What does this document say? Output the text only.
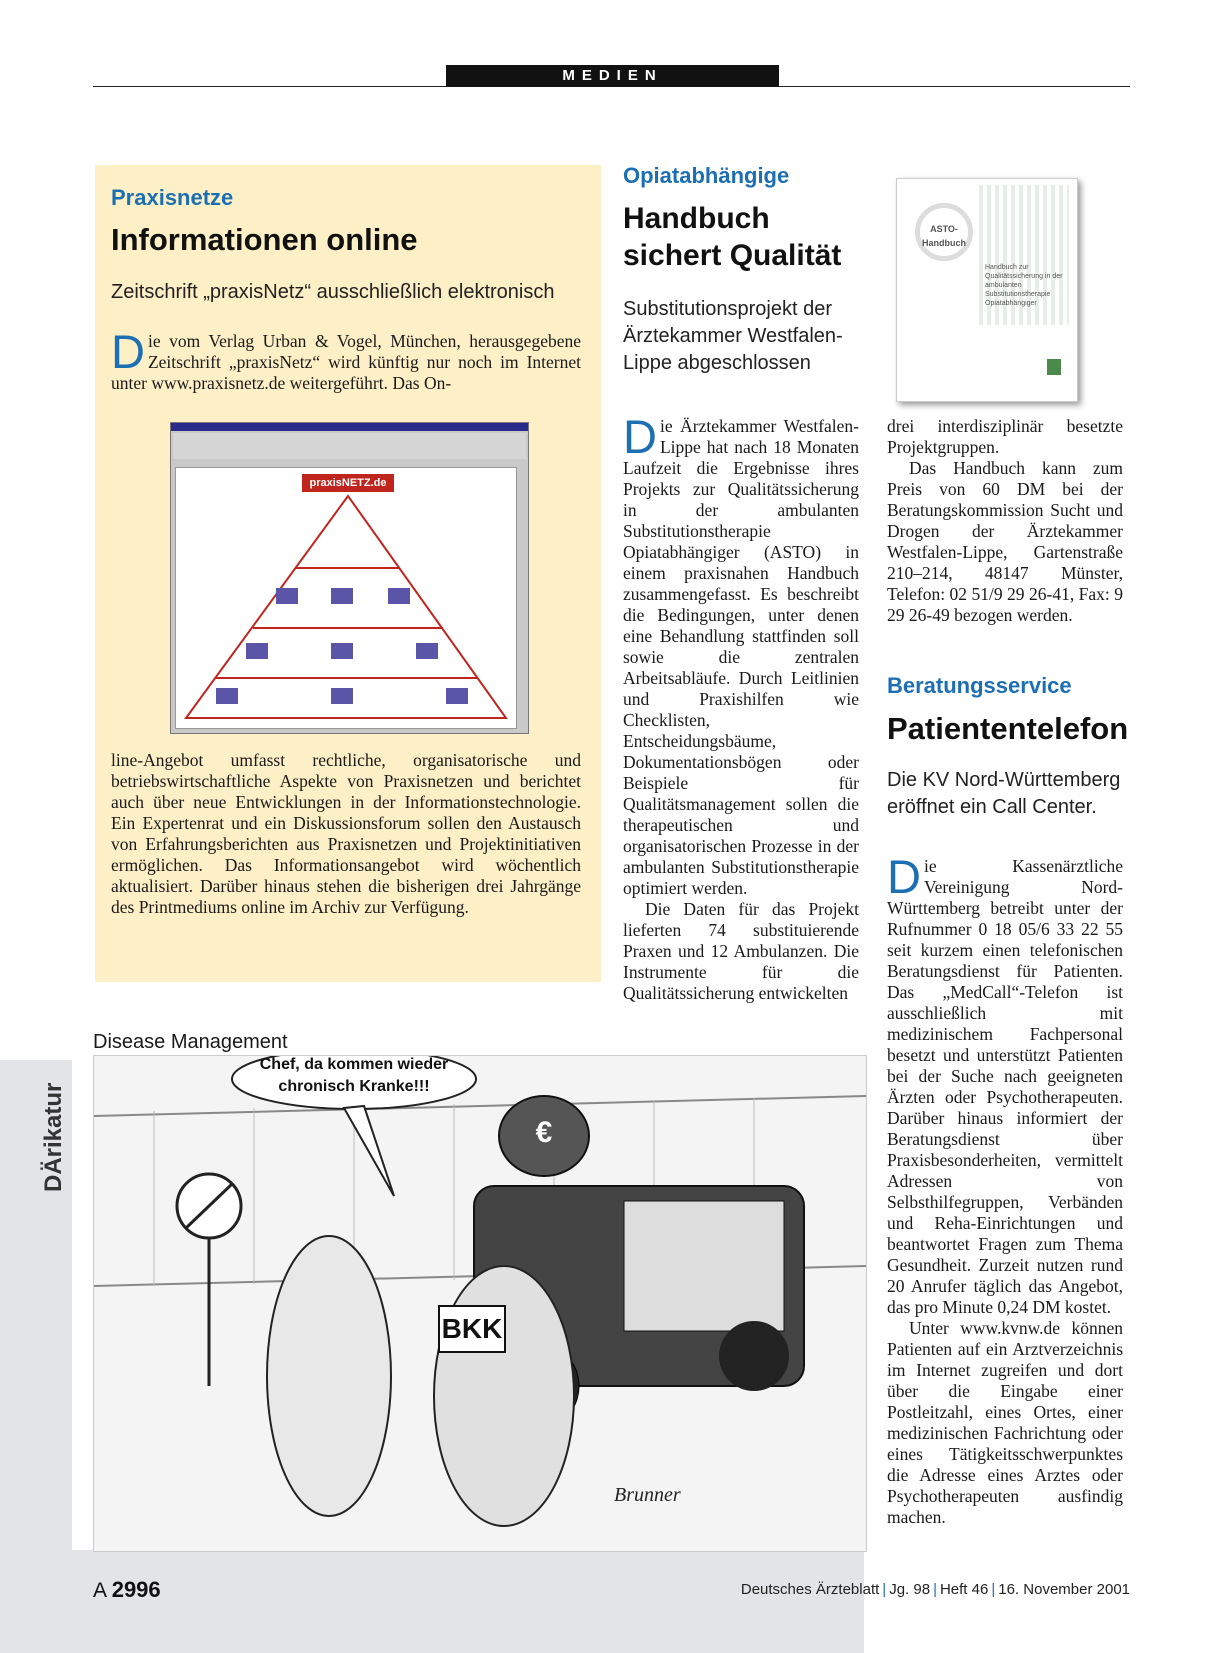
MEDIEN
Praxisnetze
Informationen online
Zeitschrift „praxisNetz“ ausschließlich elektronisch
Die vom Verlag Urban & Vogel, München, herausgegebene Zeitschrift „praxisNetz“ wird künftig nur noch im Internet unter www.praxisnetz.de weitergeführt. Das On-
praxisNETZ.de
line-Angebot umfasst rechtliche, organisatorische und betriebswirtschaftliche Aspekte von Praxisnetzen und berichtet auch über neue Entwicklungen in der Informationstechnologie. Ein Expertenrat und ein Diskussionsforum sollen den Austausch von Erfahrungsberichten aus Praxisnetzen und Projektinitiativen ermöglichen. Das Informationsangebot wird wöchentlich aktualisiert. Darüber hinaus stehen die bisherigen drei Jahrgänge des Printmediums online im Archiv zur Verfügung.
Opiatabhängige
Handbuch
sichert Qualität
Substitutionsprojekt der Ärztekammer Westfalen-Lippe abgeschlossen
ASTO-Handbuch
Handbuch zur Qualitätssicherung in der ambulanten Substitutionstherapie Opiatabhängiger

Die Ärztekammer Westfalen-Lippe hat nach 18 Monaten Laufzeit die Ergebnisse ihres Projekts zur Qualitätssicherung in der ambulanten Substitutionstherapie Opiatabhängiger (ASTO) in einem praxisnahen Handbuch zusammengefasst. Es beschreibt die Bedingungen, unter denen eine Behandlung stattfinden soll sowie die zentralen Arbeitsabläufe. Durch Leitlinien und Praxishilfen wie Checklisten, Entscheidungsbäume, Dokumentationsbögen oder Beispiele für Qualitätsmanagement sollen die therapeutischen und organisatorischen Prozesse in der ambulanten Substitutionstherapie optimiert werden.

Die Daten für das Projekt lieferten 74 substituierende Praxen und 12 Ambulanzen. Die Instrumente für die Qualitätssicherung entwickelten

drei interdisziplinär besetzte Projektgruppen.

Das Handbuch kann zum Preis von 60 DM bei der Beratungskommission Sucht und Drogen der Ärztekammer Westfalen-Lippe, Gartenstraße 210–214, 48147 Münster, Telefon: 02 51/9 29 26-41, Fax: 9 29 26-49 bezogen werden.

Beratungsservice
Patiententelefon
Die KV Nord-Württemberg eröffnet ein Call Center.

Die Kassenärztliche Vereinigung Nord-Württemberg betreibt unter der Rufnummer 0 18 05/6 33 22 55 seit kurzem einen telefonischen Beratungsdienst für Patienten. Das „MedCall“-Telefon ist ausschließlich mit medizinischem Fachpersonal besetzt und unterstützt Patienten bei der Suche nach geeigneten Ärzten oder Psychotherapeuten. Darüber hinaus informiert der Beratungsdienst über Praxisbesonderheiten, vermittelt Adressen von Selbsthilfegruppen, Verbänden und Reha-Einrichtungen und beantwortet Fragen zum Thema Gesundheit. Zurzeit nutzen rund 20 Anrufer täglich das Angebot, das pro Minute 0,24 DM kostet.

Unter www.kvnw.de können Patienten auf ein Arztverzeichnis im Internet zugreifen und dort über die Eingabe einer Postleitzahl, eines Ortes, einer medizinischen Fachrichtung oder eines Tätigkeitsschwerpunktes die Adresse eines Arztes oder Psychotherapeuten ausfindig machen.

Disease Management
DÄrikatur
Chef, da kommen wieder chronisch Kranke!!!
BKK
€
Brunner
A 2996	Deutsches Ärzteblatt | Jg. 98 | Heft 46 | 16. November 2001
